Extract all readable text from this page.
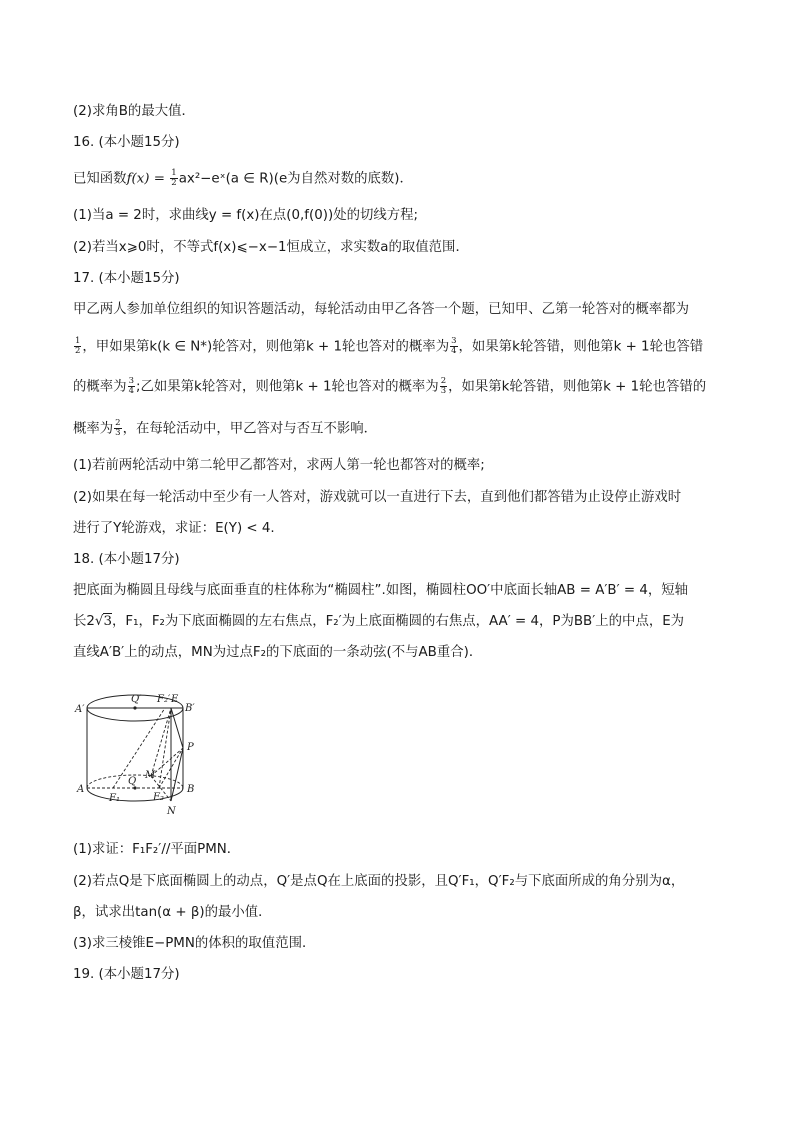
(2)求角B的最大值．
16. (本小题15分)
已知函数$f(x) = \frac{1}{2}$ ax²−eˣ(a ∈ R)(e为自然对数的底数)．
(1)当a = 2时，求曲线y = f(x)在点(0,f(0))处的切线方程;
(2)若当x⩾0时，不等式f(x)⩽−x−1恒成立，求实数a的取值范围．
17. (本小题15分)
甲乙两人参加单位组织的知识答题活动，每轮活动由甲乙各答一个题，已知甲、乙第一轮答对的概率都为
$\frac{1}{2}$ ，甲如果第k(k ∈ N*)轮答对，则他第k + 1轮也答对的概率为 $\frac{3}{4}$ ，如果第k轮答错，则他第k + 1轮也答错
的概率为 $\frac{3}{4}$ ;乙如果第k轮答对，则他第k + 1轮也答对的概率为 $\frac{2}{3}$ ，如果第k轮答错，则他第k + 1轮也答错的
概率为 $\frac{2}{3}$ ，在每轮活动中，甲乙答对与否互不影响．
(1)若前两轮活动中第二轮甲乙都答对，求两人第一轮也都答对的概率;
(2)如果在每一轮活动中至少有一人答对，游戏就可以一直进行下去，直到他们都答错为止设停止游戏时
进行了Y轮游戏，求证：E(Y) < 4.
18. (本小题17分)
把底面为椭圆且母线与底面垂直的柱体称为“椭圆柱”.如图，椭圆柱OO′中底面长轴AB = A′B′ = 4，短轴
长2√3，F₁，F₂为下底面椭圆的左右焦点，F₂′为上底面椭圆的右焦点，AA′ = 4，P为BB′上的中点，E为
直线A′B′上的动点，MN为过点F₂的下底面的一条动弦(不与AB重合)．
A′
Q′ F₂′ E
B′
P
M
Q
A
F₁	F₂
B
N
(1)求证：F₁F₂′//平面PMN．
(2)若点Q是下底面椭圆上的动点，Q′是点Q在上底面的投影，且Q′F₁，Q′F₂与下底面所成的角分别为α，
β，试求出tan(α + β)的最小值．
(3)求三棱锥E−PMN的体积的取值范围．
19. (本小题17分)
